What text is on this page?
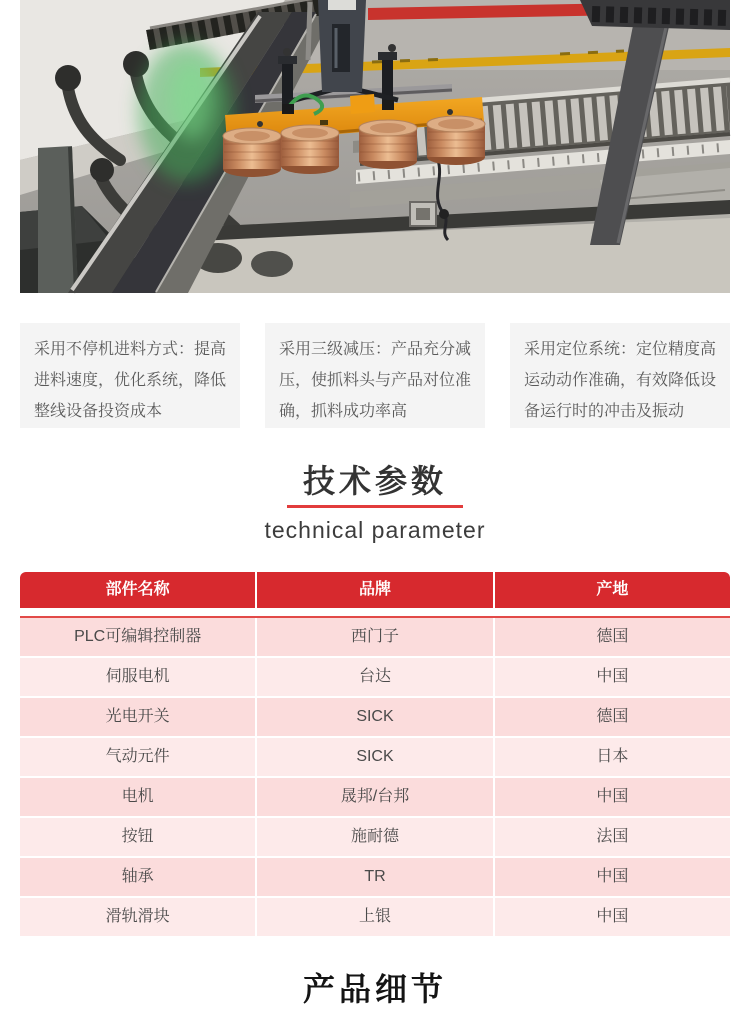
采用不停机进料方式：提高进料速度，优化系统，降低整线设备投资成本
采用三级减压：产品充分减压，使抓料头与产品对位准确，抓料成功率高
采用定位系统：定位精度高运动动作准确，有效降低设备运行时的冲击及振动
技术参数
technical parameter
部件名称	品牌	产地
PLC可编辑控制器	西门子	德国
伺服电机	台达	中国
光电开关	SICK	德国
气动元件	SICK	日本
电机	晟邦/台邦	中国
按钮	施耐德	法国
轴承	TR	中国
滑轨滑块	上银	中国
产品细节
